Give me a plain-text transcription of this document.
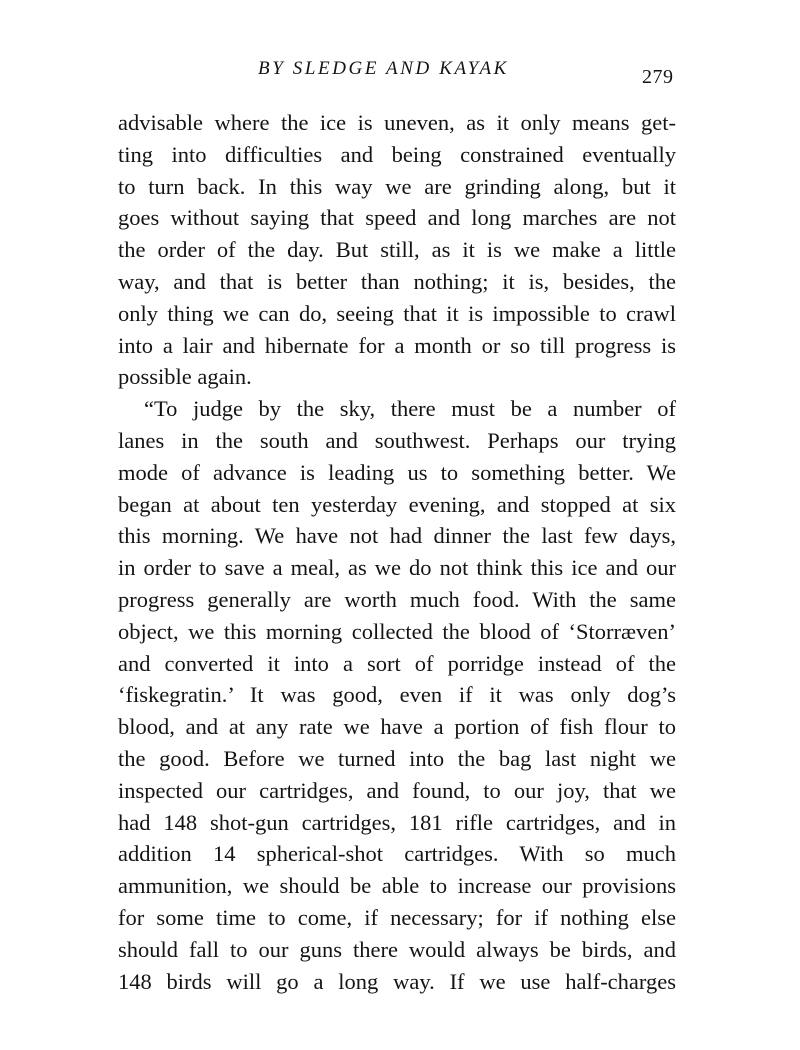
BY SLEDGE AND KAYAK	279
advisable where the ice is uneven, as it only means get-
ting into difficulties and being constrained eventually
to turn back. In this way we are grinding along, but it
goes without saying that speed and long marches are not
the order of the day. But still, as it is we make a little
way, and that is better than nothing; it is, besides, the
only thing we can do, seeing that it is impossible to crawl
into a lair and hibernate for a month or so till progress is
possible again.
“To judge by the sky, there must be a number of
lanes in the south and southwest. Perhaps our trying
mode of advance is leading us to something better. We
began at about ten yesterday evening, and stopped at six
this morning. We have not had dinner the last few days,
in order to save a meal, as we do not think this ice and our
progress generally are worth much food. With the same
object, we this morning collected the blood of ‘Storræven’
and converted it into a sort of porridge instead of the
‘fiskegratin.’ It was good, even if it was only dog’s
blood, and at any rate we have a portion of fish flour to
the good. Before we turned into the bag last night we
inspected our cartridges, and found, to our joy, that we
had 148 shot-gun cartridges, 181 rifle cartridges, and in
addition 14 spherical-shot cartridges. With so much
ammunition, we should be able to increase our provisions
for some time to come, if necessary; for if nothing else
should fall to our guns there would always be birds, and
148 birds will go a long way. If we use half-charges
